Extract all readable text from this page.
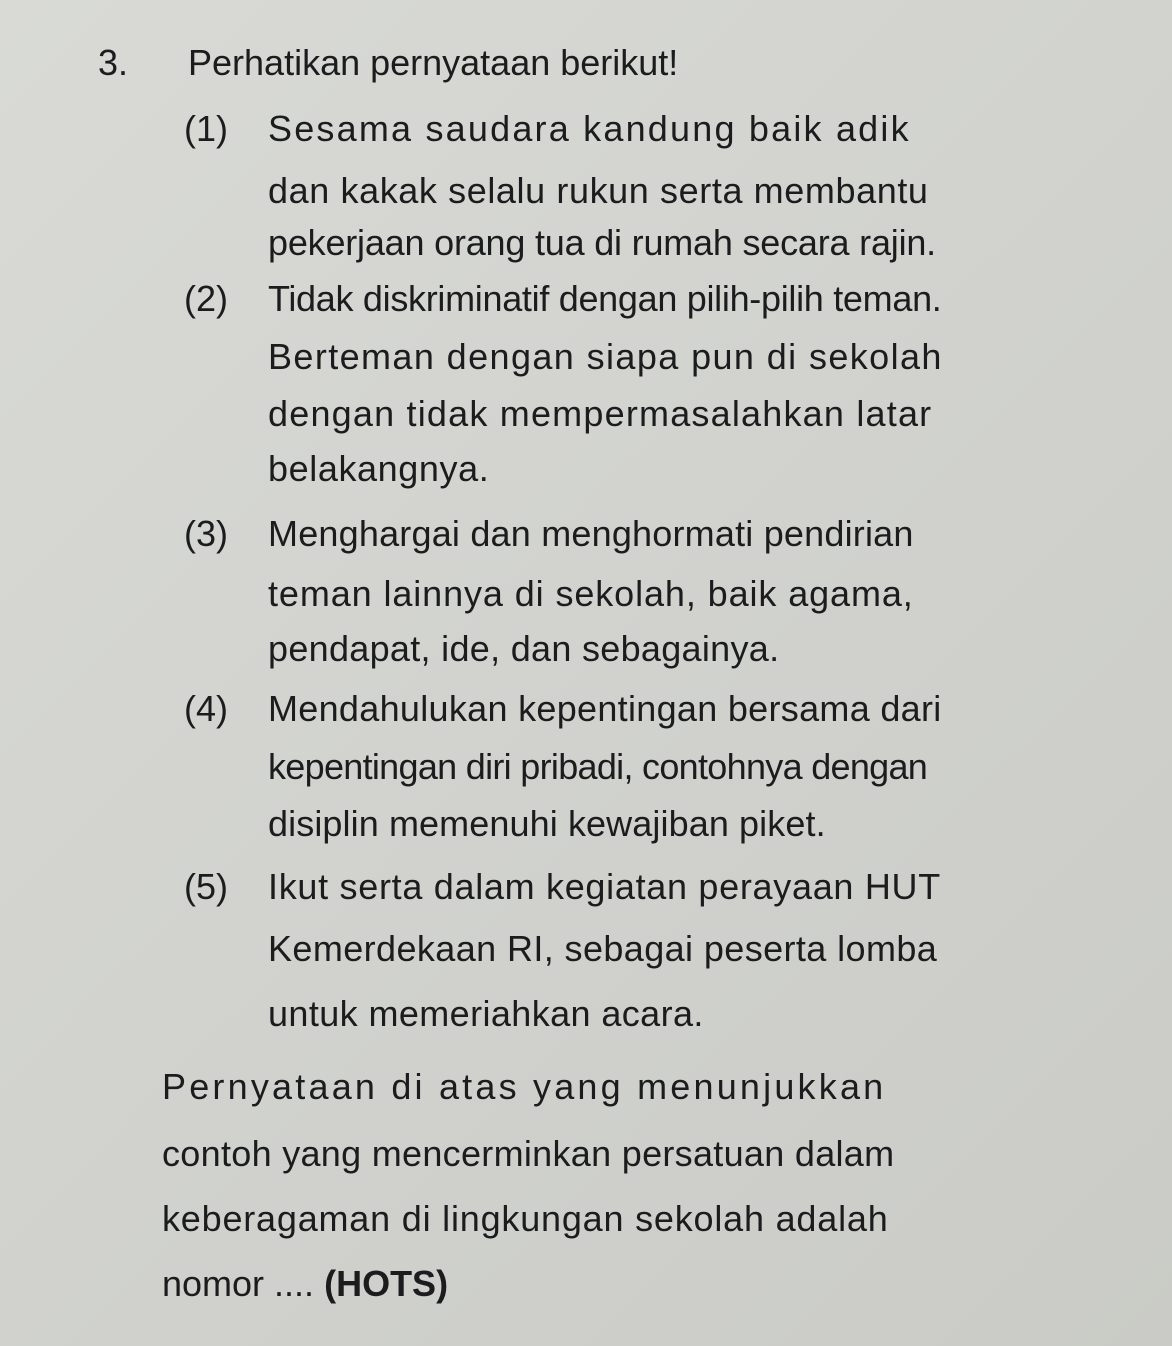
3. Perhatikan pernyataan berikut!
(1) Sesama saudara kandung baik adik
dan kakak selalu rukun serta membantu
pekerjaan orang tua di rumah secara rajin.
(2) Tidak diskriminatif dengan pilih-pilih teman.
Berteman dengan siapa pun di sekolah
dengan tidak mempermasalahkan latar
belakangnya.
(3) Menghargai dan menghormati pendirian
teman lainnya di sekolah, baik agama,
pendapat, ide, dan sebagainya.
(4) Mendahulukan kepentingan bersama dari
kepentingan diri pribadi, contohnya dengan
disiplin memenuhi kewajiban piket.
(5) Ikut serta dalam kegiatan perayaan HUT
Kemerdekaan RI, sebagai peserta lomba
untuk memeriahkan acara.
Pernyataan di atas yang menunjukkan
contoh yang mencerminkan persatuan dalam
keberagaman di lingkungan sekolah adalah
nomor .... (HOTS)
